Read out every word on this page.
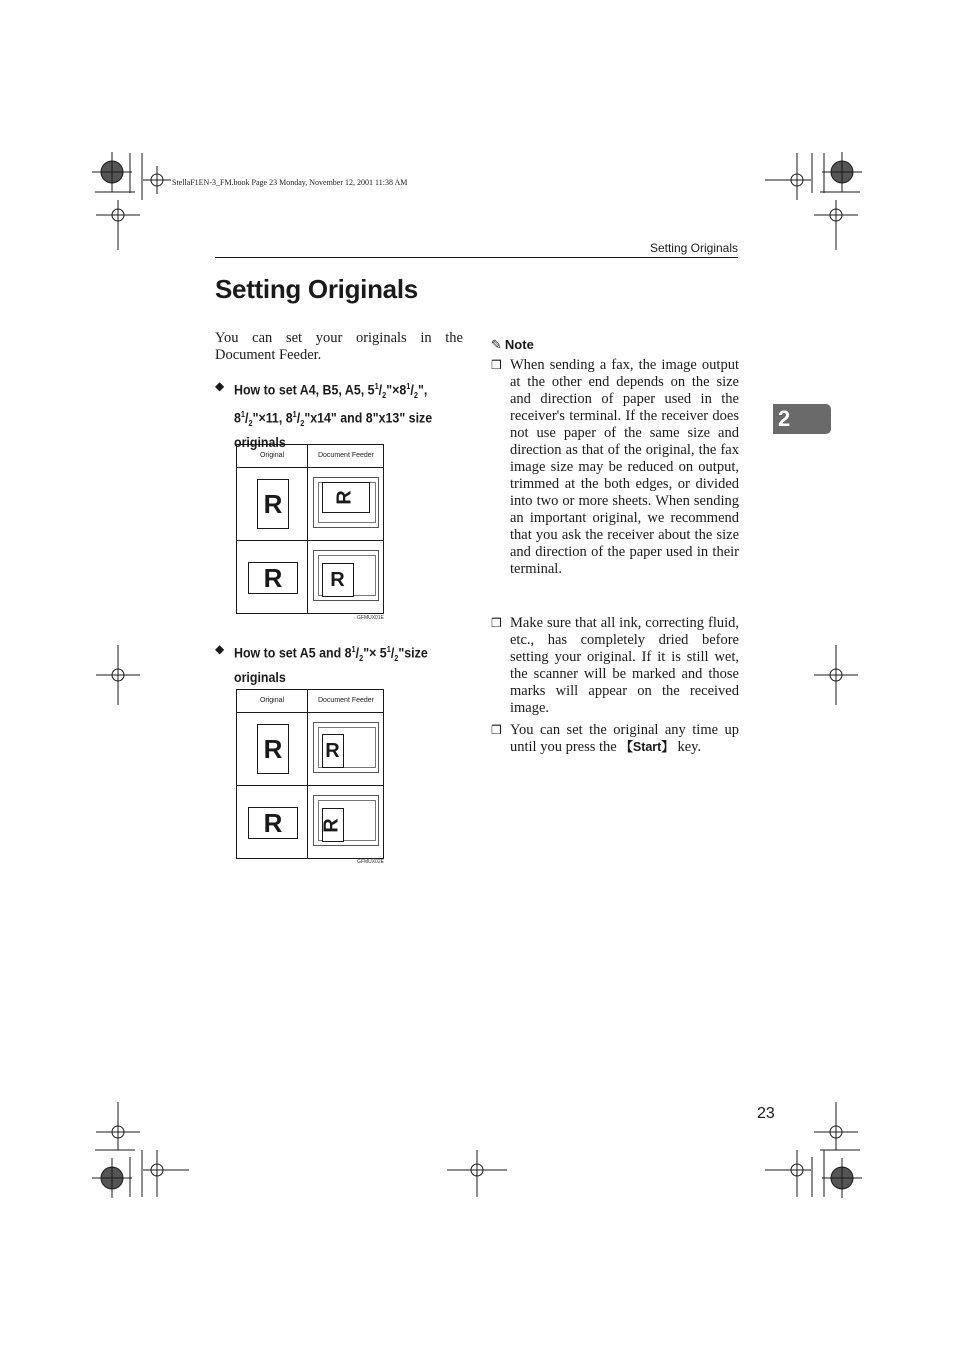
StellaF1EN-3_FM.book Page 23 Monday, November 12, 2001 11:38 AM
Setting Originals
Setting Originals
2
You can set your originals in the Document Feeder.
◆ How to set A4, B5, A5, $5^1/_2"\times 8^1/_2$",
$8^1/_2"\times 11$, $8^1/_2"x14$" and 8"x13" size
originals
Original	Document Feeder
R	R
R	R
GFMUX01E
◆ How to set A5 and $8^1/_2"\times$ $5^1/_2"size$
originals
Original	Document Feeder
R	R
R	R
GFMUX02E
✎ Note
❒ When sending a fax, the image output at the other end depends on the size and direction of paper used in the receiver's terminal. If the receiver does not use paper of the same size and direction as that of the original, the fax image size may be reduced on output, trimmed at the both edges, or divided into two or more sheets. When sending an important original, we recommend that you ask the receiver about the size and direction of the paper used in their terminal.
❒ Make sure that all ink, correcting fluid, etc., has completely dried before setting your original. If it is still wet, the scanner will be marked and those marks will appear on the received image.
❒ You can set the original any time up until you press the 【Start】 key.
23
